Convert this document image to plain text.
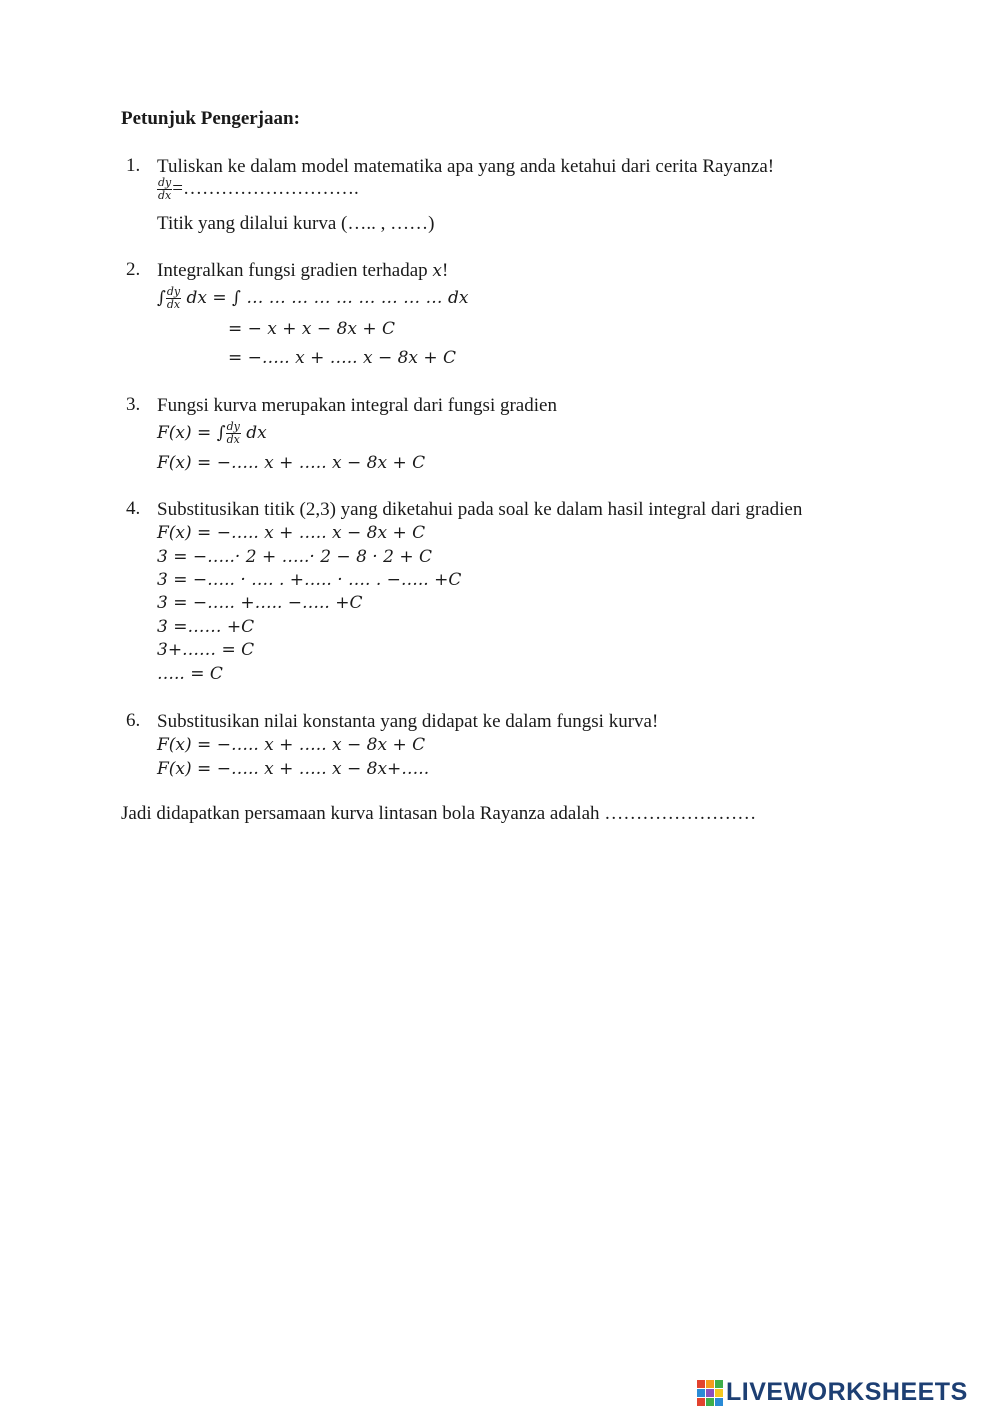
Petunjuk Pengerjaan:
1. Tuliskan ke dalam model matematika apa yang anda ketahui dari cerita Rayanza!
$\frac{dy}{dx}$ =……………………….
Titik yang dilalui kurva (….. , ……)
2. Integralkan fungsi gradien terhadap x!
∫ $\frac{dy}{dx}$ dx = ∫ … … … … … … … … … dx
= − x + x − 8x + C
= −….. x + ….. x − 8x + C
3. Fungsi kurva merupakan integral dari fungsi gradien
F(x) = ∫ $\frac{dy}{dx}$ dx
F(x) = −….. x + ….. x − 8x + C
4. Substitusikan titik (2,3) yang diketahui pada soal ke dalam hasil integral dari gradien
F(x) = −….. x + ….. x − 8x + C
3 = −…..· 2 + …..· 2 − 8 · 2 + C
3 = −….. · …. . +….. · …. . −….. +C
3 = −….. +….. −….. +C
3 =…… +C
3+…… = C
….. = C
6. Substitusikan nilai konstanta yang didapat ke dalam fungsi kurva!
F(x) = −….. x + ….. x − 8x + C
F(x) = −….. x + ….. x − 8x+…..
Jadi didapatkan persamaan kurva lintasan bola Rayanza adalah ……………………
LIVEWORKSHEETS
